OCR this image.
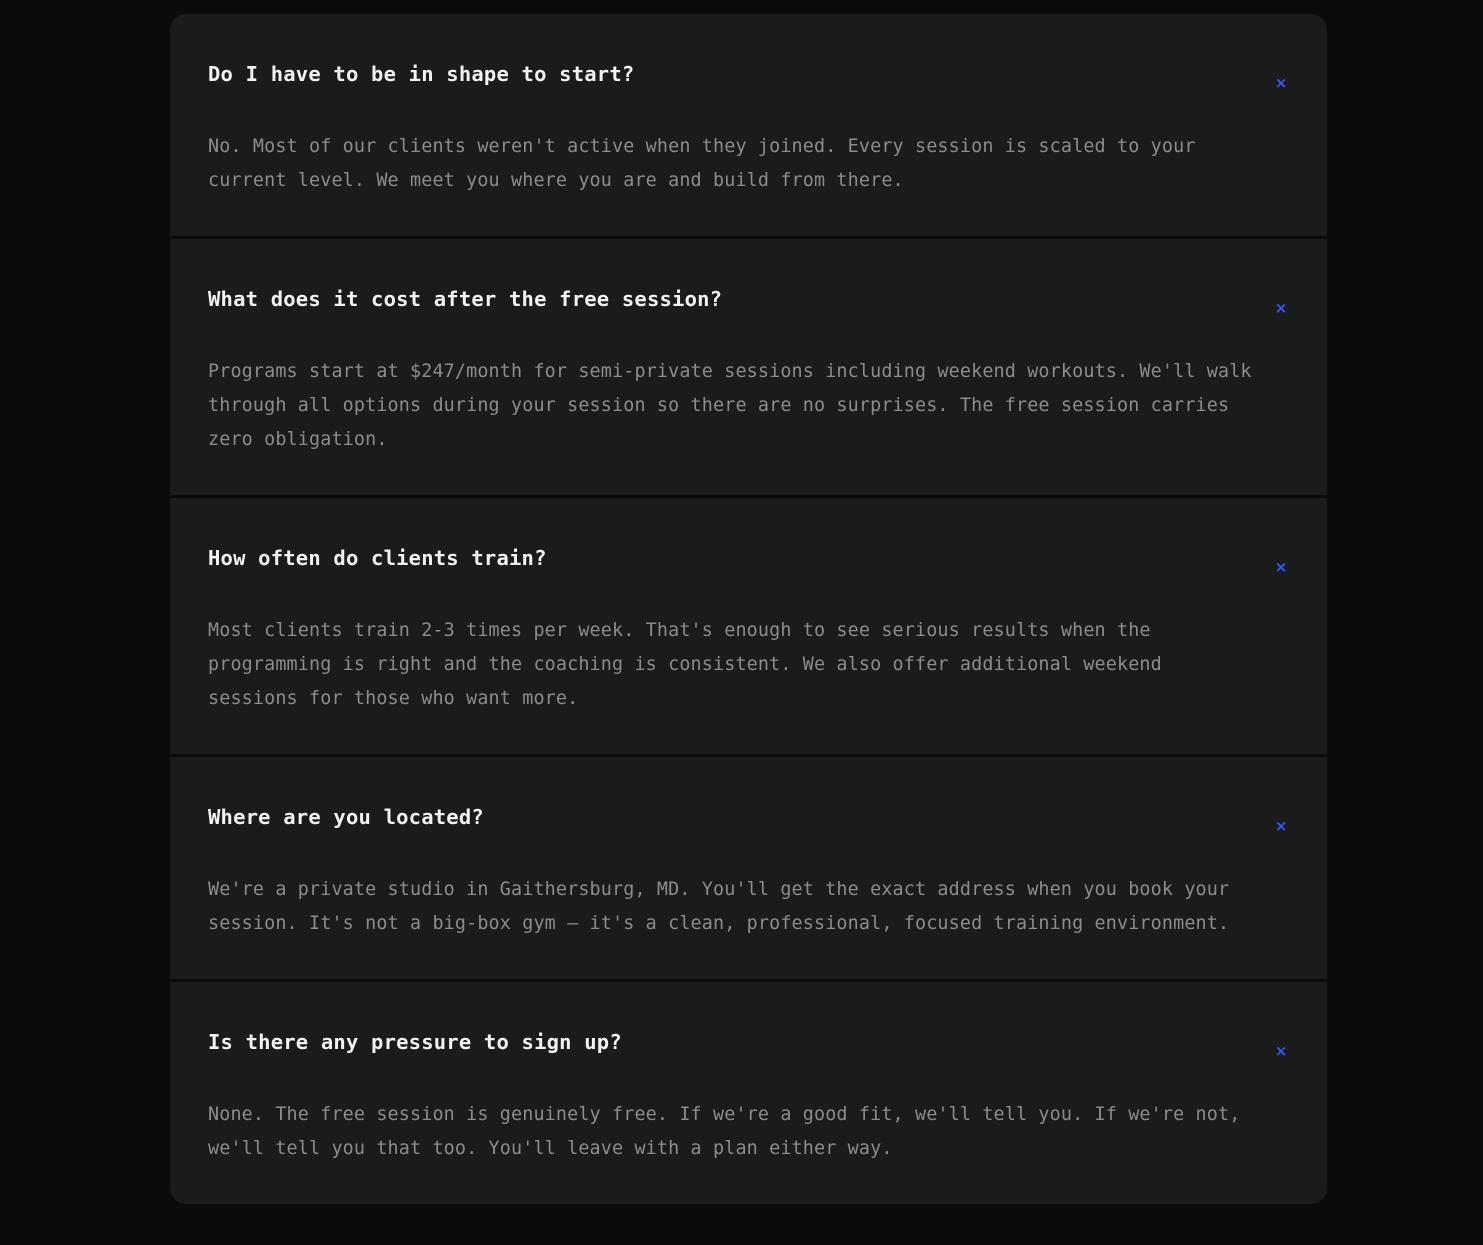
Do I have to be in shape to start?	×

No. Most of our clients weren't active when they joined. Every session is scaled to your current level. We meet you where you are and build from there.

What does it cost after the free session?	×

Programs start at $247/month for semi-private sessions including weekend workouts. We'll walk through all options during your session so there are no surprises. The free session carries zero obligation.

How often do clients train?	×

Most clients train 2-3 times per week. That's enough to see serious results when the programming is right and the coaching is consistent. We also offer additional weekend sessions for those who want more.

Where are you located?	×

We're a private studio in Gaithersburg, MD. You'll get the exact address when you book your session. It's not a big-box gym — it's a clean, professional, focused training environment.

Is there any pressure to sign up?	×

None. The free session is genuinely free. If we're a good fit, we'll tell you. If we're not, we'll tell you that too. You'll leave with a plan either way.
